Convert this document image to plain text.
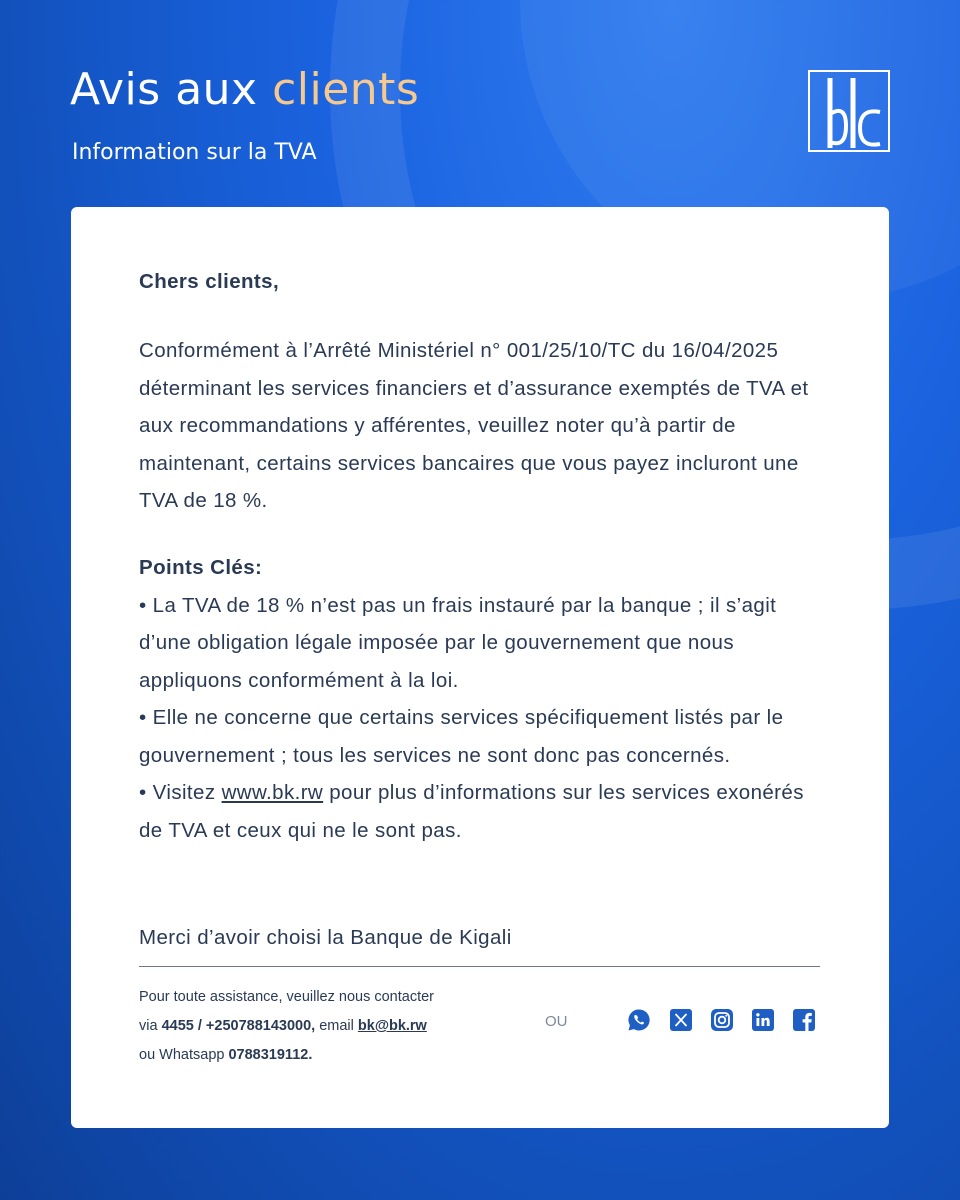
Avis aux clients
Information sur la TVA
Chers clients,
Conformément à l’Arrêté Ministériel n° 001/25/10/TC du 16/04/2025 déterminant les services financiers et d’assurance exemptés de TVA et aux recommandations y afférentes, veuillez noter qu’à partir de maintenant, certains services bancaires que vous payez incluront une TVA de 18 %.
Points Clés:

• La TVA de 18 % n’est pas un frais instauré par la banque ; il s’agit d’une obligation légale imposée par le gouvernement que nous appliquons conformément à la loi.

• Elle ne concerne que certains services spécifiquement listés par le gouvernement ; tous les services ne sont donc pas concernés.

• Visitez www.bk.rw pour plus d’informations sur les services exonérés de TVA et ceux qui ne le sont pas.

Merci d’avoir choisi la Banque de Kigali
Pour toute assistance, veuillez nous contacter
via 4455 / +250788143000, email bk@bk.rw
ou Whatsapp 0788319112.
OU
